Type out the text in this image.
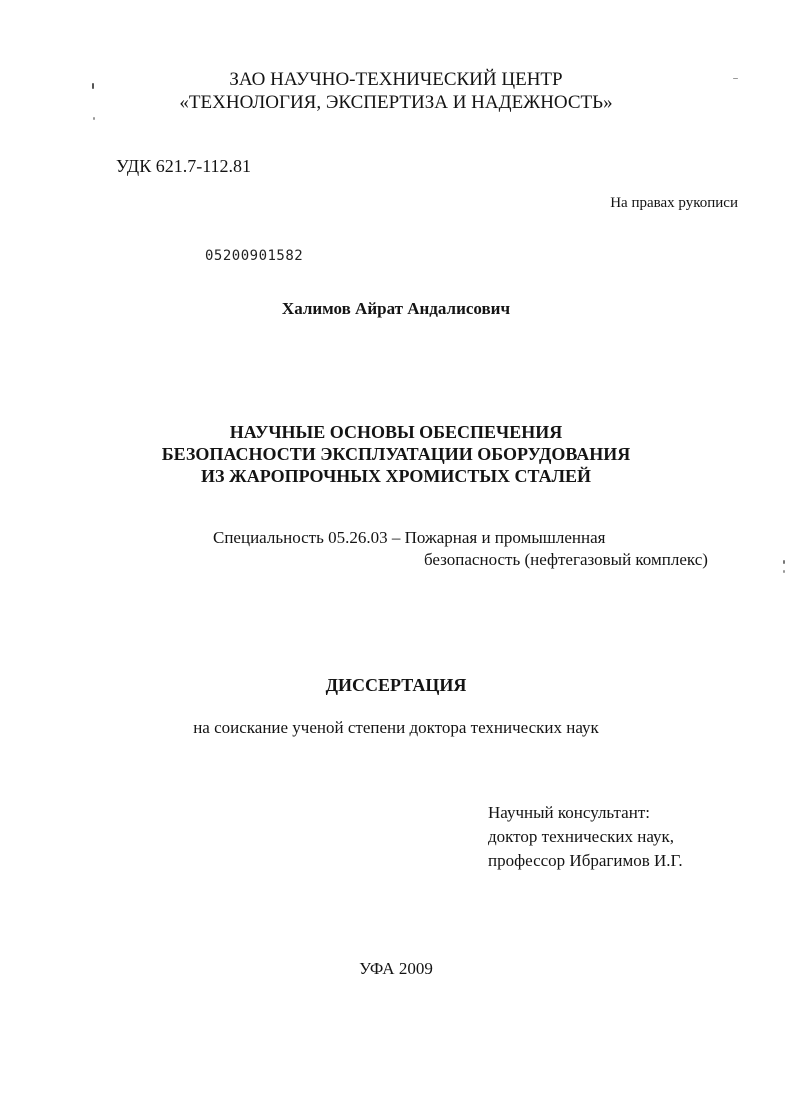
ЗАО НАУЧНО-ТЕХНИЧЕСКИЙ ЦЕНТР
«ТЕХНОЛОГИЯ, ЭКСПЕРТИЗА И НАДЕЖНОСТЬ»
УДК 621.7-112.81
На правах рукописи
05200901582
Халимов Айрат Андалисович
НАУЧНЫЕ ОСНОВЫ ОБЕСПЕЧЕНИЯ
БЕЗОПАСНОСТИ ЭКСПЛУАТАЦИИ ОБОРУДОВАНИЯ
ИЗ ЖАРОПРОЧНЫХ ХРОМИСТЫХ СТАЛЕЙ
Специальность 05.26.03 – Пожарная и промышленная
безопасность (нефтегазовый комплекс)
ДИССЕРТАЦИЯ
на соискание ученой степени доктора технических наук
Научный консультант:
доктор технических наук,
профессор Ибрагимов И.Г.
УФА 2009
